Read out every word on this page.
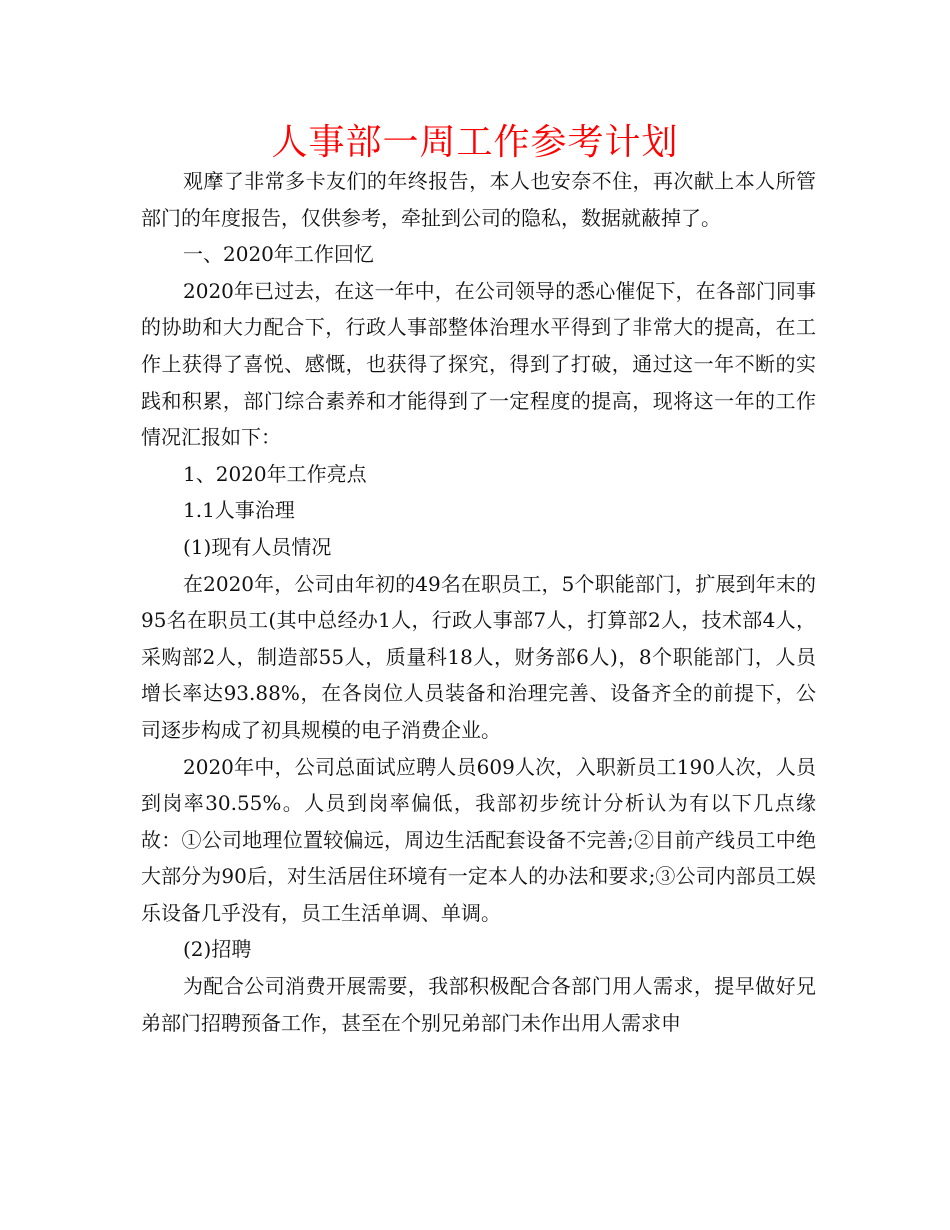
人事部一周工作参考计划

观摩了非常多卡友们的年终报告，本人也安奈不住，再次献上本人所管部门的年度报告，仅供参考，牵扯到公司的隐私，数据就蔽掉了。

一、2020年工作回忆

2020年已过去，在这一年中，在公司领导的悉心催促下，在各部门同事的协助和大力配合下，行政人事部整体治理水平得到了非常大的提高，在工作上获得了喜悦、感慨，也获得了探究，得到了打破，通过这一年不断的实践和积累，部门综合素养和才能得到了一定程度的提高，现将这一年的工作情况汇报如下：

1、2020年工作亮点

1.1人事治理

(1)现有人员情况

在2020年，公司由年初的49名在职员工，5个职能部门，扩展到年末的95名在职员工(其中总经办1人，行政人事部7人，打算部2人，技术部4人，采购部2人，制造部55人，质量科18人，财务部6人)，8个职能部门，人员增长率达93.88%，在各岗位人员装备和治理完善、设备齐全的前提下，公司逐步构成了初具规模的电子消费企业。

2020年中，公司总面试应聘人员609人次，入职新员工190人次，人员到岗率30.55%。人员到岗率偏低，我部初步统计分析认为有以下几点缘故：①公司地理位置较偏远，周边生活配套设备不完善;②目前产线员工中绝大部分为90后，对生活居住环境有一定本人的办法和要求;③公司内部员工娱乐设备几乎没有，员工生活单调、单调。

(2)招聘

为配合公司消费开展需要，我部积极配合各部门用人需求，提早做好兄弟部门招聘预备工作，甚至在个别兄弟部门未作出用人需求申
